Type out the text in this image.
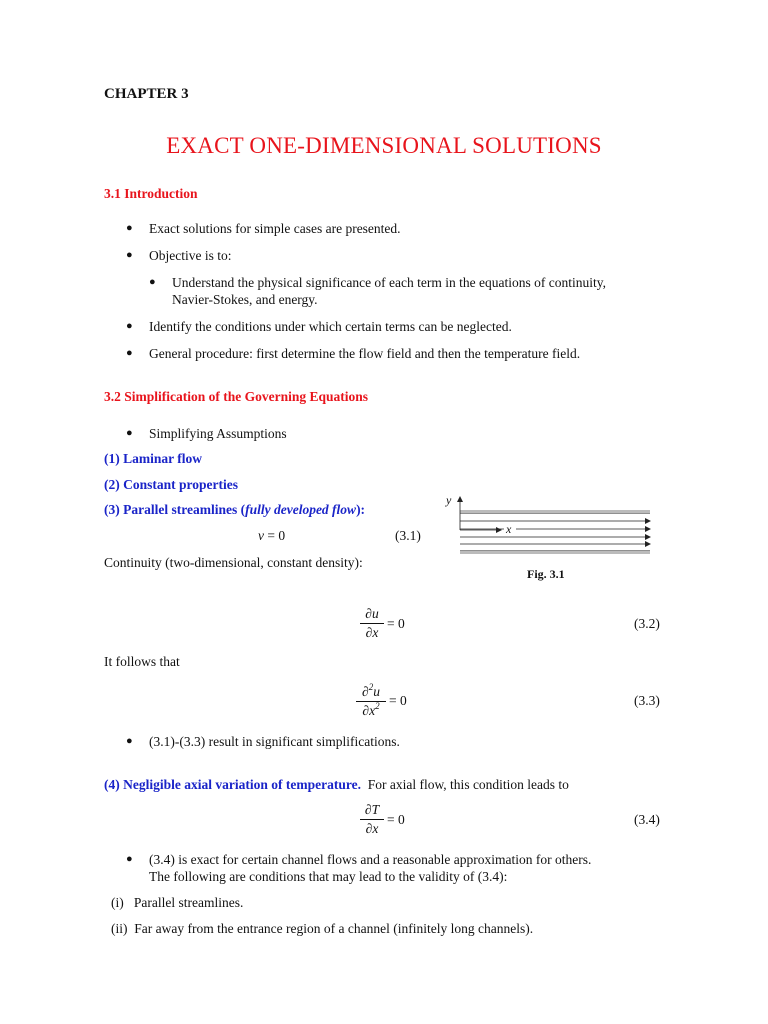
CHAPTER 3
EXACT ONE-DIMENSIONAL SOLUTIONS
3.1 Introduction
● Exact solutions for simple cases are presented.
● Objective is to:
● Understand the physical significance of each term in the equations of continuity,
Navier-Stokes, and energy.
● Identify the conditions under which certain terms can be neglected.
● General procedure: first determine the flow field and then the temperature field.
3.2 Simplification of the Governing Equations
● Simplifying Assumptions
(1) Laminar flow
(2) Constant properties
(3) Parallel streamlines (fully developed flow):
v = 0	(3.1)
Continuity (two-dimensional, constant density):
x
y
Fig. 3.1
∂u
∂x
= 0	(3.2)
It follows that
∂$^2$u
$\partial x^2 = 0$	(3.3)
● (3.1)-(3.3) result in significant simplifications.
(4) Negligible axial variation of temperature. For axial flow, this condition leads to
∂T
∂x
= 0	(3.4)
● (3.4) is exact for certain channel flows and a reasonable approximation for others.
The following are conditions that may lead to the validity of (3.4):
(i)   Parallel streamlines.
(ii)  Far away from the entrance region of a channel (infinitely long channels).
